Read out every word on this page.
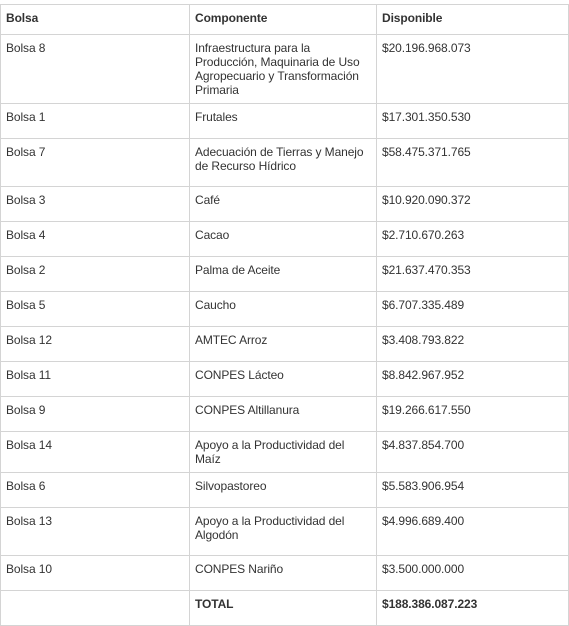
Bolsa	Componente	Disponible
Bolsa 8	Infraestructura para la Producción, Maquinaria de Uso Agropecuario y Transformación Primaria	$20.196.968.073
Bolsa 1	Frutales	$17.301.350.530
Bolsa 7	Adecuación de Tierras y Manejo de Recurso Hídrico	$58.475.371.765
Bolsa 3	Café	$10.920.090.372
Bolsa 4	Cacao	$2.710.670.263
Bolsa 2	Palma de Aceite	$21.637.470.353
Bolsa 5	Caucho	$6.707.335.489
Bolsa 12	AMTEC Arroz	$3.408.793.822
Bolsa 11	CONPES Lácteo	$8.842.967.952
Bolsa 9	CONPES Altillanura	$19.266.617.550
Bolsa 14	Apoyo a la Productividad del Maíz	$4.837.854.700
Bolsa 6	Silvopastoreo	$5.583.906.954
Bolsa 13	Apoyo a la Productividad del Algodón	$4.996.689.400
Bolsa 10	CONPES Nariño	$3.500.000.000
	TOTAL	$188.386.087.223
